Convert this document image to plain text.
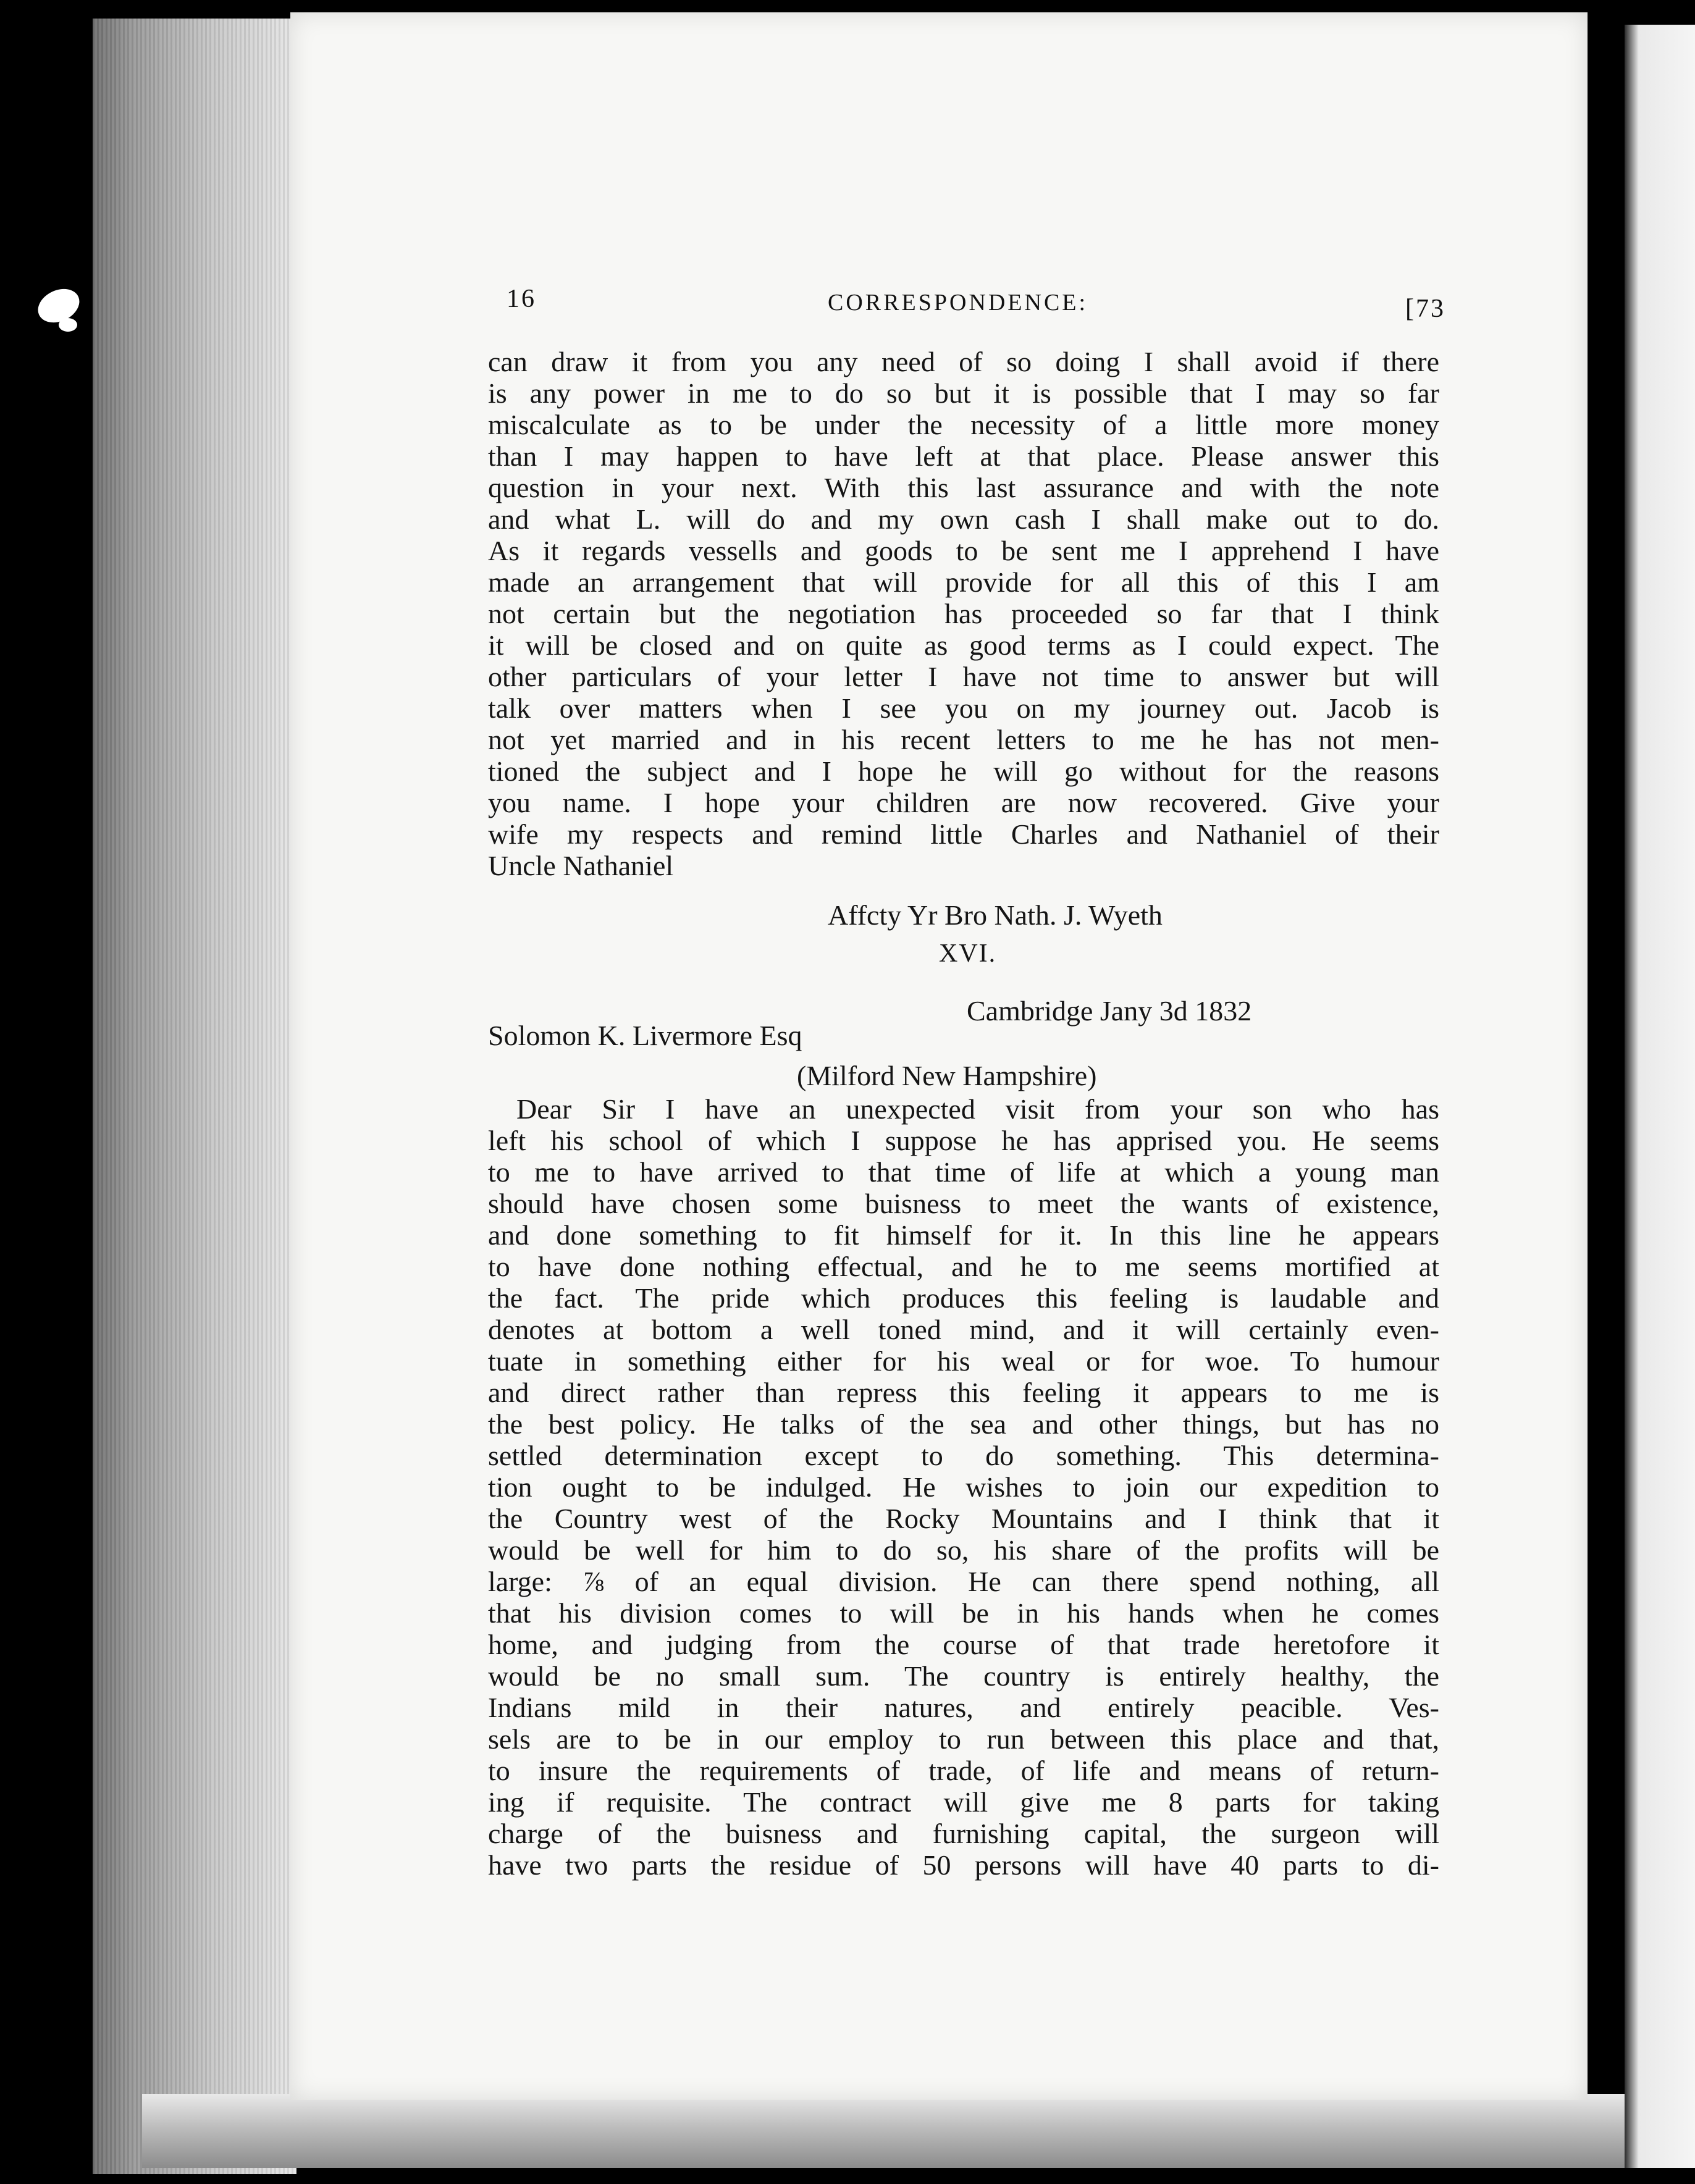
16	CORRESPONDENCE:	[73
can draw it from you any need of so doing I shall avoid if there
is any power in me to do so but it is possible that I may so far
miscalculate as to be under the necessity of a little more money
than I may happen to have left at that place. Please answer this
question in your next. With this last assurance and with the note
and what L. will do and my own cash I shall make out to do.
As it regards vessells and goods to be sent me I apprehend I have
made an arrangement that will provide for all this of this I am
not certain but the negotiation has proceeded so far that I think
it will be closed and on quite as good terms as I could expect. The
other particulars of your letter I have not time to answer but will
talk over matters when I see you on my journey out. Jacob is
not yet married and in his recent letters to me he has not men-
tioned the subject and I hope he will go without for the reasons
you name. I hope your children are now recovered. Give your
wife my respects and remind little Charles and Nathaniel of their
Uncle Nathaniel
Affcty Yr Bro Nath. J. Wyeth
XVI.
Cambridge Jany 3d 1832
Solomon K. Livermore Esq
(Milford New Hampshire)
Dear Sir I have an unexpected visit from your son who has
left his school of which I suppose he has apprised you. He seems
to me to have arrived to that time of life at which a young man
should have chosen some buisness to meet the wants of existence,
and done something to fit himself for it. In this line he appears
to have done nothing effectual, and he to me seems mortified at
the fact. The pride which produces this feeling is laudable and
denotes at bottom a well toned mind, and it will certainly even-
tuate in something either for his weal or for woe. To humour
and direct rather than repress this feeling it appears to me is
the best policy. He talks of the sea and other things, but has no
settled determination except to do something. This determina-
tion ought to be indulged. He wishes to join our expedition to
the Country west of the Rocky Mountains and I think that it
would be well for him to do so, his share of the profits will be
large: ⅞ of an equal division. He can there spend nothing, all
that his division comes to will be in his hands when he comes
home, and judging from the course of that trade heretofore it
would be no small sum. The country is entirely healthy, the
Indians mild in their natures, and entirely peacible. Ves-
sels are to be in our employ to run between this place and that,
to insure the requirements of trade, of life and means of return-
ing if requisite. The contract will give me 8 parts for taking
charge of the buisness and furnishing capital, the surgeon will
have two parts the residue of 50 persons will have 40 parts to di-
